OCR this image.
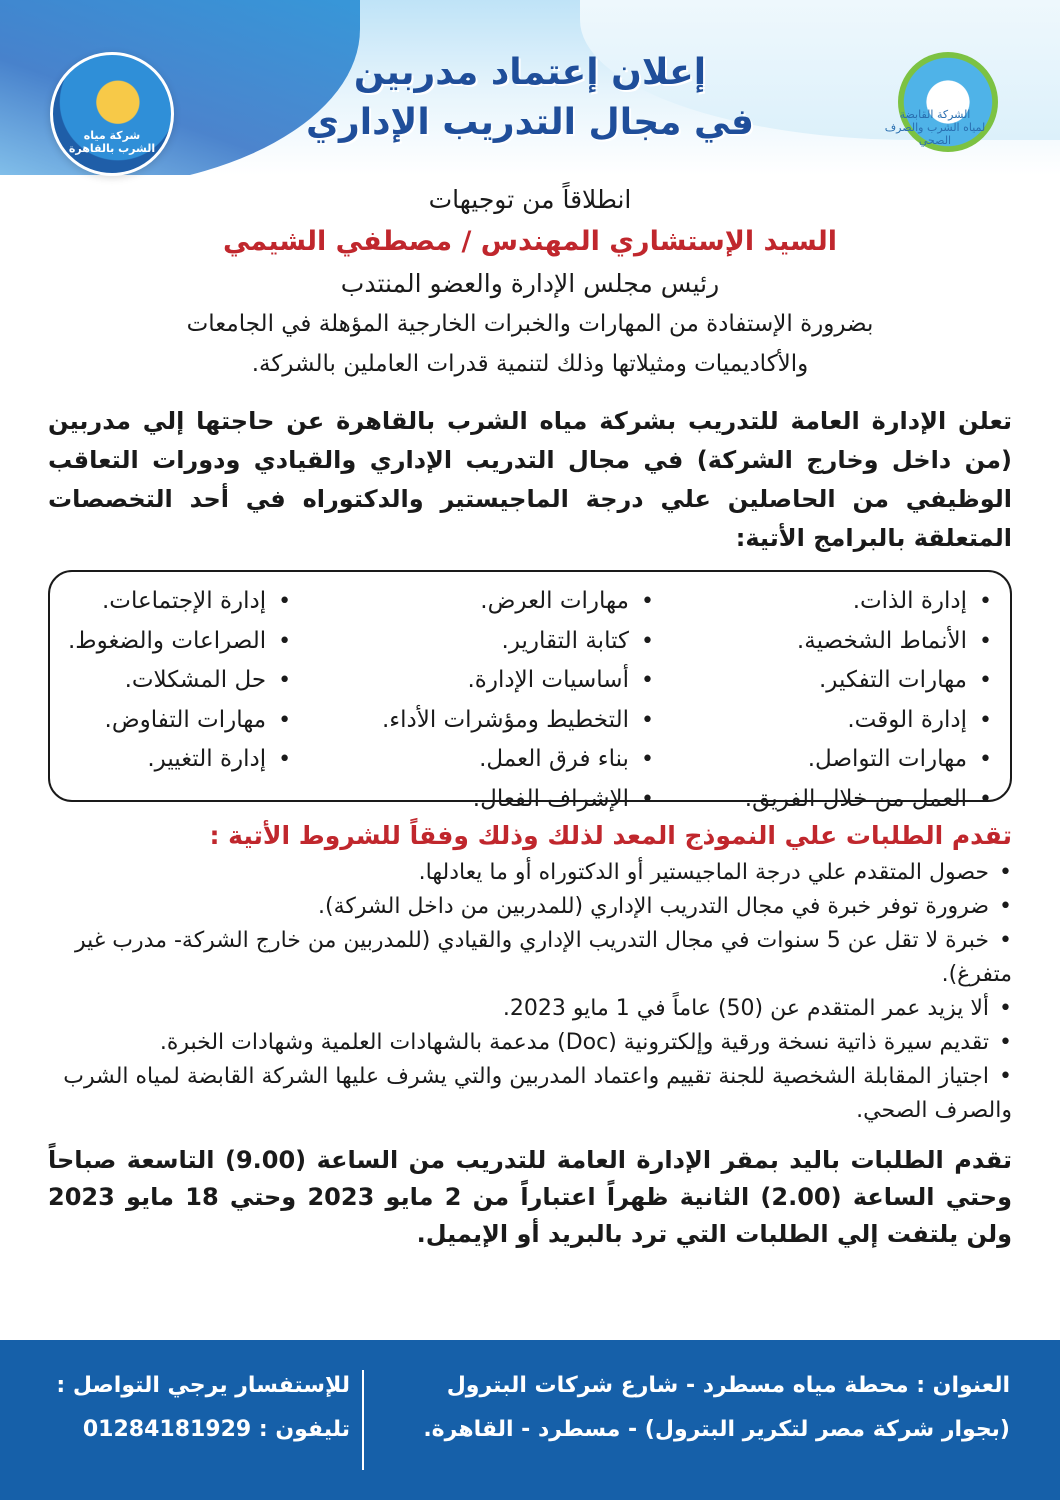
شركة مياه
الشرب بالقاهرة
الشركة القابضة
لمياه الشرب والصرف الصحي
إعلان إعتماد مدربين
في مجال التدريب الإداري

انطلاقاً من توجيهات

السيد الإستشاري المهندس / مصطفي الشيمي

رئيس مجلس الإدارة والعضو المنتدب

بضرورة الإستفادة من المهارات والخبرات الخارجية المؤهلة في الجامعات

والأكاديميات ومثيلاتها وذلك لتنمية قدرات العاملين بالشركة.

تعلن الإدارة العامة للتدريب بشركة مياه الشرب بالقاهرة عن حاجتها إلي مدربين (من داخل وخارج الشركة) في مجال التدريب الإداري والقيادي ودورات التعاقب الوظيفي من الحاصلين علي درجة الماجيستير والدكتوراه في أحد التخصصات المتعلقة بالبرامج الأتية:
• إدارة الذات.
• الأنماط الشخصية.
• مهارات التفكير.
• إدارة الوقت.
• مهارات التواصل.
• العمل من خلال الفريق.
• مهارات العرض.
• كتابة التقارير.
• أساسيات الإدارة.
• التخطيط ومؤشرات الأداء.
• بناء فرق العمل.
• الإشراف الفعال.
• إدارة الإجتماعات.
• الصراعات والضغوط.
• حل المشكلات.
• مهارات التفاوض.
• إدارة التغيير.
تقدم الطلبات علي النموذج المعد لذلك وذلك وفقاً للشروط الأتية :
• حصول المتقدم علي درجة الماجيستير أو الدكتوراه أو ما يعادلها.
• ضرورة توفر خبرة في مجال التدريب الإداري (للمدربين من داخل الشركة).
• خبرة لا تقل عن 5 سنوات في مجال التدريب الإداري والقيادي (للمدربين من خارج الشركة- مدرب غير متفرغ).
• ألا يزيد عمر المتقدم عن (50) عاماً في 1 مايو 2023.
• تقديم سيرة ذاتية نسخة ورقية وإلكترونية (Doc) مدعمة بالشهادات العلمية وشهادات الخبرة.
• اجتياز المقابلة الشخصية للجنة تقييم واعتماد المدربين والتي يشرف عليها الشركة القابضة لمياه الشرب والصرف الصحي.
تقدم الطلبات باليد بمقر الإدارة العامة للتدريب من الساعة (9.00) التاسعة صباحاً وحتي الساعة (2.00) الثانية ظهراً اعتباراً من 2 مايو 2023 وحتي 18 مايو 2023 ولن يلتفت إلي الطلبات التي ترد بالبريد أو الإيميل.
العنوان : محطة مياه مسطرد - شارع شركات البترول
(بجوار شركة مصر لتكرير البترول) - مسطرد - القاهرة.
للإستفسار يرجي التواصل :
تليفون : 01284181929
